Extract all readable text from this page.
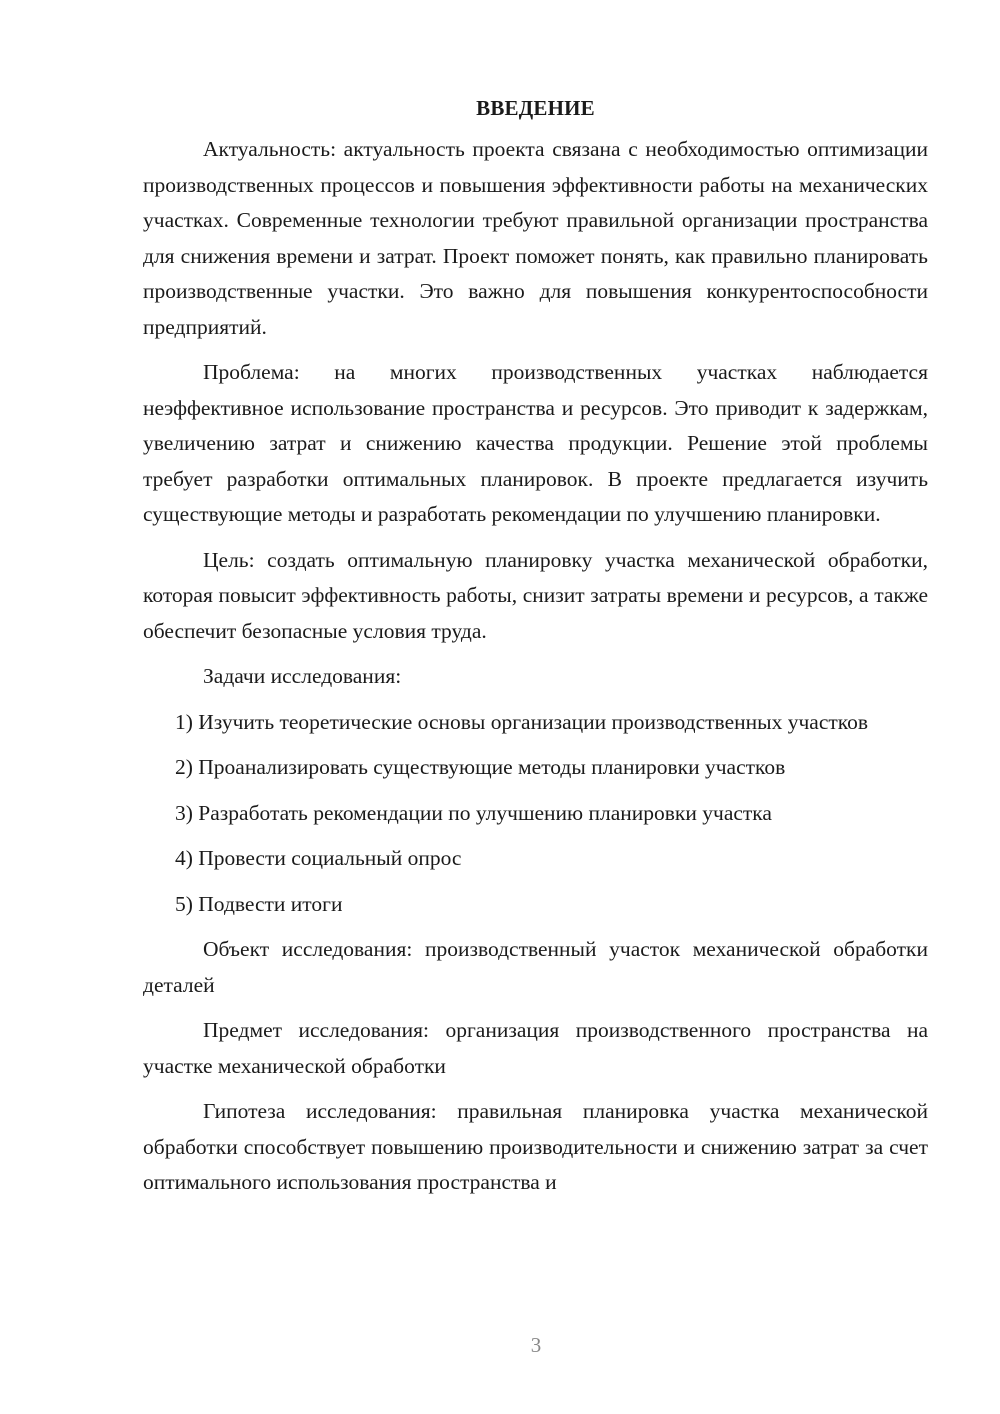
ВВЕДЕНИЕ

Актуальность: актуальность проекта связана с необходимостью оптимизации производственных процессов и повышения эффективности работы на механических участках. Современные технологии требуют правильной организации пространства для снижения времени и затрат. Проект поможет понять, как правильно планировать производственные участки. Это важно для повышения конкурентоспособности предприятий.

Проблема: на многих производственных участках наблюдается неэффективное использование пространства и ресурсов. Это приводит к задержкам, увеличению затрат и снижению качества продукции. Решение этой проблемы требует разработки оптимальных планировок. В проекте предлагается изучить существующие методы и разработать рекомендации по улучшению планировки.

Цель: создать оптимальную планировку участка механической обработки, которая повысит эффективность работы, снизит затраты времени и ресурсов, а также обеспечит безопасные условия труда.

Задачи исследования:

1) Изучить теоретические основы организации производственных участков

2) Проанализировать существующие методы планировки участков

3) Разработать рекомендации по улучшению планировки участка

4) Провести социальный опрос

5) Подвести итоги

Объект исследования: производственный участок механической обработки деталей

Предмет исследования: организация производственного пространства на участке механической обработки

Гипотеза исследования: правильная планировка участка механической обработки способствует повышению производительности и снижению затрат за счет оптимального использования пространства и

3
